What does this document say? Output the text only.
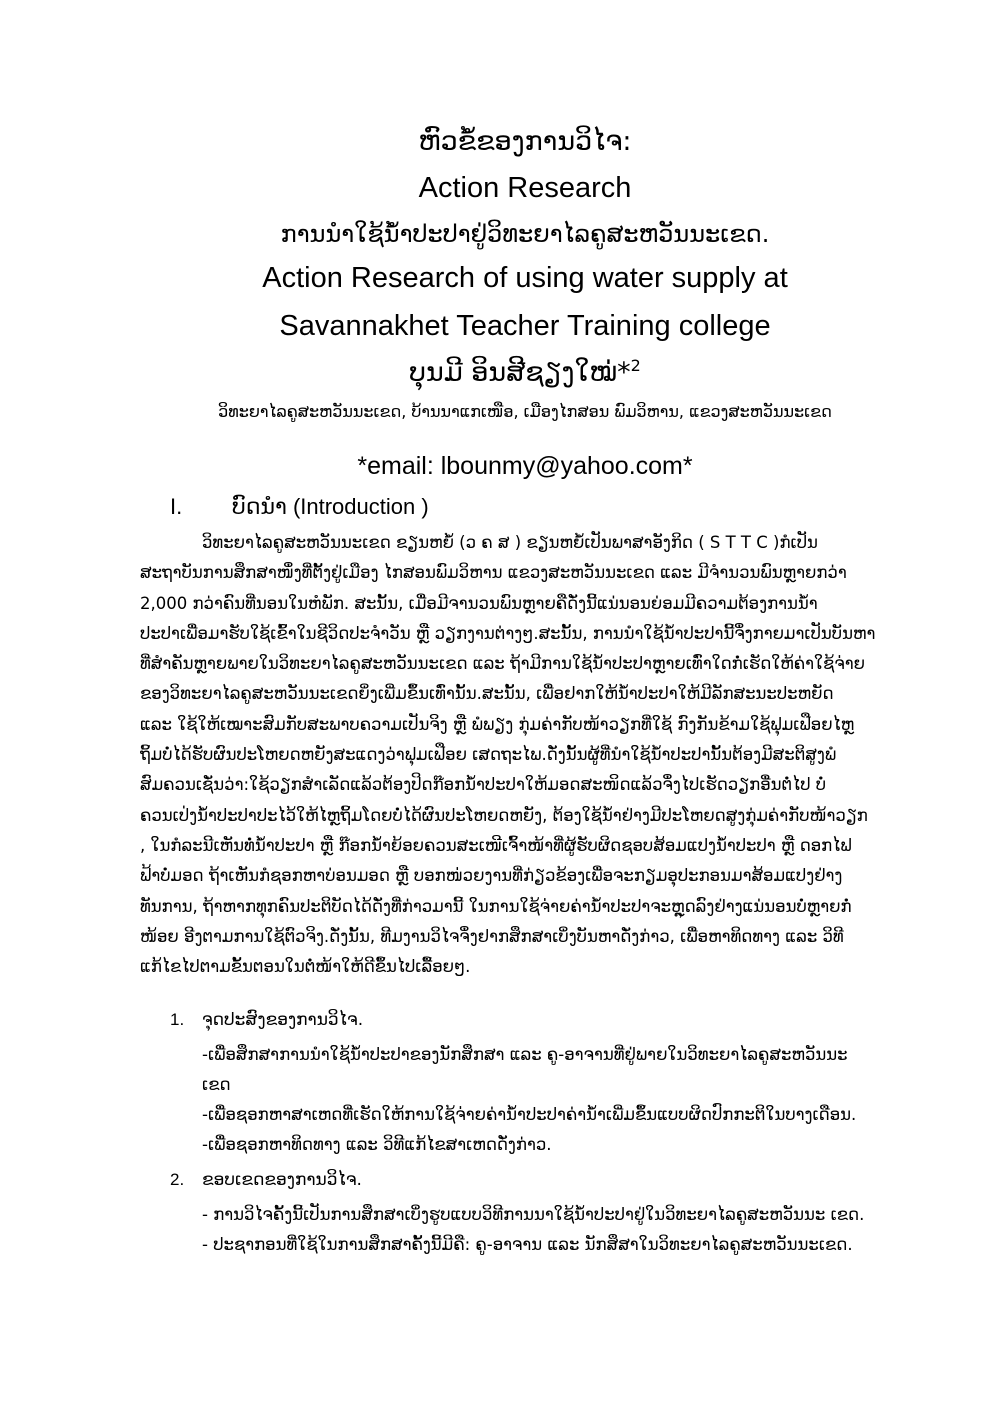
ຫົວຂໍ້ຂອງການວິໄຈ:
Action Research
ການນຳໃຊ້ນ້ຳປະປາຢູ່ວິທະຍາໄລຄູສະຫວັນນະເຂດ.
Action Research of using water supply at
Savannakhet Teacher Training college
ບຸນມີ ອິນສີຊຽງໃໝ່*$^2$
ວິທະຍາໄລຄູສະຫວັນນະເຂດ, ບ້ານນາແກເໜືອ, ເມືອງໄກສອນ ພົມວິຫານ, ແຂວງສະຫວັນນະເຂດ
*email: lbounmy@yahoo.com*
I. ບົດນຳ (Introduction )
ວິທະຍາໄລຄູສະຫວັນນະເຂດ ຂຽນຫຍໍ້ (ວ ຄ ສ ) ຂຽນຫຍໍ້ເປັນພາສາອັງກິດ ( S T T C )ກໍເປັນ
ສະຖາບັນການສຶກສາໜຶ່ງທີ່ຕັ້ງຢູ່ເມືອງ ໄກສອນພົມວິຫານ ແຂວງສະຫວັນນະເຂດ ແລະ ມີຈຳນວນພົນຫຼາຍກວ່າ
2,000 ກວ່າຄົນທີ່ນອນໃນຫໍພັກ. ສະນັ້ນ, ເມື່ອມີຈານວນພົນຫຼາຍຄືດັ່ງນີ້ແນ່ນອນຍ່ອມມີຄວາມຕ້ອງການນ້ຳ
ປະປາເພື່ອມາຮັບໃຊ້ເຂົ້າໃນຊີວິດປະຈຳວັນ ຫຼື ວຽກງານຕ່າງໆ.ສະນັ້ນ, ການນຳໃຊ້ນ້ຳປະປານີ້ຈຶ່ງກາຍມາເປັນບັນຫາ
ທີ່ສຳຄັນຫຼາຍພາຍໃນວິທະຍາໄລຄູສະຫວັນນະເຂດ ແລະ ຖ້າມີການໃຊ້ນ້ຳປະປາຫຼາຍເທົ່າໃດກໍ່ເຮັດໃຫ້ຄ່າໃຊ້ຈ່າຍ
ຂອງວິທະຍາໄລຄູສະຫວັນນະເຂດຍິ່ງເພີ່ມຂຶ້ນເທົ່ານັ້ນ.ສະນັ້ນ, ເພື່ອຢາກໃຫ້ນ້ຳປະປາໃຫ້ມີລັກສະນະປະຫຍັດ
ແລະ ໃຊ້ໃຫ້ເໝາະສົມກັບສະພາບຄວາມເປັນຈິງ ຫຼື ພໍພຽງ ກຸ່ມຄ່າກັບໜ້າວຽກທີ່ໃຊ້ ກົງກັນຂ້າມໃຊ້ຟຸມເຟືອຍໄຫຼ
ຖິ້ມບໍ່ໄດ້ຮັບຜົນປະໂຫຍດຫຍັງສະແດງວ່າຟຸມເຟືອຍ ເສດຖະໄພ.ດັ່ງນັ້ນຜູ້ທີ່ນຳໃຊ້ນ້ຳປະປານັ້ນຕ້ອງມີສະຕິສູງພໍ
ສົມຄວນເຊັ່ນວ່າ:ໃຊ້ວຽກສຳເລັດແລ້ວຕ້ອງປິດກ໊ອກນ້ຳປະປາໃຫ້ມອດສະໜິດແລ້ວຈຶ່ງໄປເຮັດວຽກອື່ນຕໍ່ໄປ ບໍ່
ຄວນເປ່ງນ້ຳປະປາປະໄວ້ໃຫ້ໄຫຼຖິ້ມໂດຍບໍ່ໄດ້ຜົນປະໂຫຍດຫຍັງ, ຕ້ອງໃຊ້ນ້ຳຢ່າງມີປະໂຫຍດສູງກຸ່ມຄ່າກັບໜ້າວຽກ
, ໃນກໍລະນີເຫັນທໍ່ນ້ຳປະປາ ຫຼື ກ໊ອກນ້ຳຍ້ອຍຄວນສະເໜີເຈົ້າໜ້າທີ່ຜູ້ຮັບຜິດຊອບສ້ອມແປງນ້ຳປະປາ ຫຼື ດອກໄຟ
ຟ້າບໍ່ມອດ ຖ້າເຫັນກໍຊອກຫາບ່ອນມອດ ຫຼື ບອກໜ່ວຍງານທີ່ກ່ຽວຂ້ອງເພື່ອຈະກຽມອຸປະກອນມາສ້ອມແປງຢ່າງ
ທັນການ, ຖ້າຫາກທຸກຄົນປະຕິບັດໄດ້ດັ່ງທີ່ກ່າວມານີ້ ໃນການໃຊ້ຈ່າຍຄ່ານ້ຳປະປາຈະຫຼຸດລົງຢ່າງແນ່ນອນບໍ່ຫຼາຍກໍ່
ໜ້ອຍ ອີງຕາມການໃຊ້ຕົວຈິງ.ດັ່ງນັ້ນ, ທີມງານວິໄຈຈຶ່ງຢາກສຶກສາເບິ່ງບັນຫາດັ່ງກ່າວ, ເພື່ອຫາທິດທາງ ແລະ ວິທີ
ແກ້ໄຂໄປຕາມຂັ້ນຕອນໃນຕໍ່ໜ້າໃຫ້ດີຂຶ້ນໄປເລື້ອຍໆ.
1. ຈຸດປະສົງຂອງການວິໄຈ.
-ເພື່ອສຶກສາການນຳໃຊ້ນ້ຳປະປາຂອງນັກສຶກສາ ແລະ ຄູ-ອາຈານທີ່ຢູ່ພາຍໃນວິທະຍາໄລຄູສະຫວັນນະ
ເຂດ
-ເພື່ອຊອກຫາສາເຫດທີ່ເຮັດໃຫ້ການໃຊ້ຈ່າຍຄ່ານ້ຳປະປາຄ່ານ້ຳເພີ່ມຂຶ້ນແບບຜິດປົກກະຕິໃນບາງເດືອນ.
-ເພື່ອຊອກຫາທິດທາງ ແລະ ວິທີແກ້ໄຂສາເຫດດັ່ງກ່າວ.
2. ຂອບເຂດຂອງການວິໄຈ.
- ການວິໄຈຄັ້ງນີ້ເປັນການສຶກສາເບິ່ງຮູບແບບວິທີການນາໃຊ້ນ້ຳປະປາຢູ່ໃນວິທະຍາໄລຄູສະຫວັນນະ ເຂດ.
- ປະຊາກອນທີ່ໃຊ້ໃນການສຶກສາຄັ້ງນີ້ມີຄື: ຄູ-ອາຈານ ແລະ ນັກສຶສາໃນວິທະຍາໄລຄູສະຫວັນນະເຂດ.
